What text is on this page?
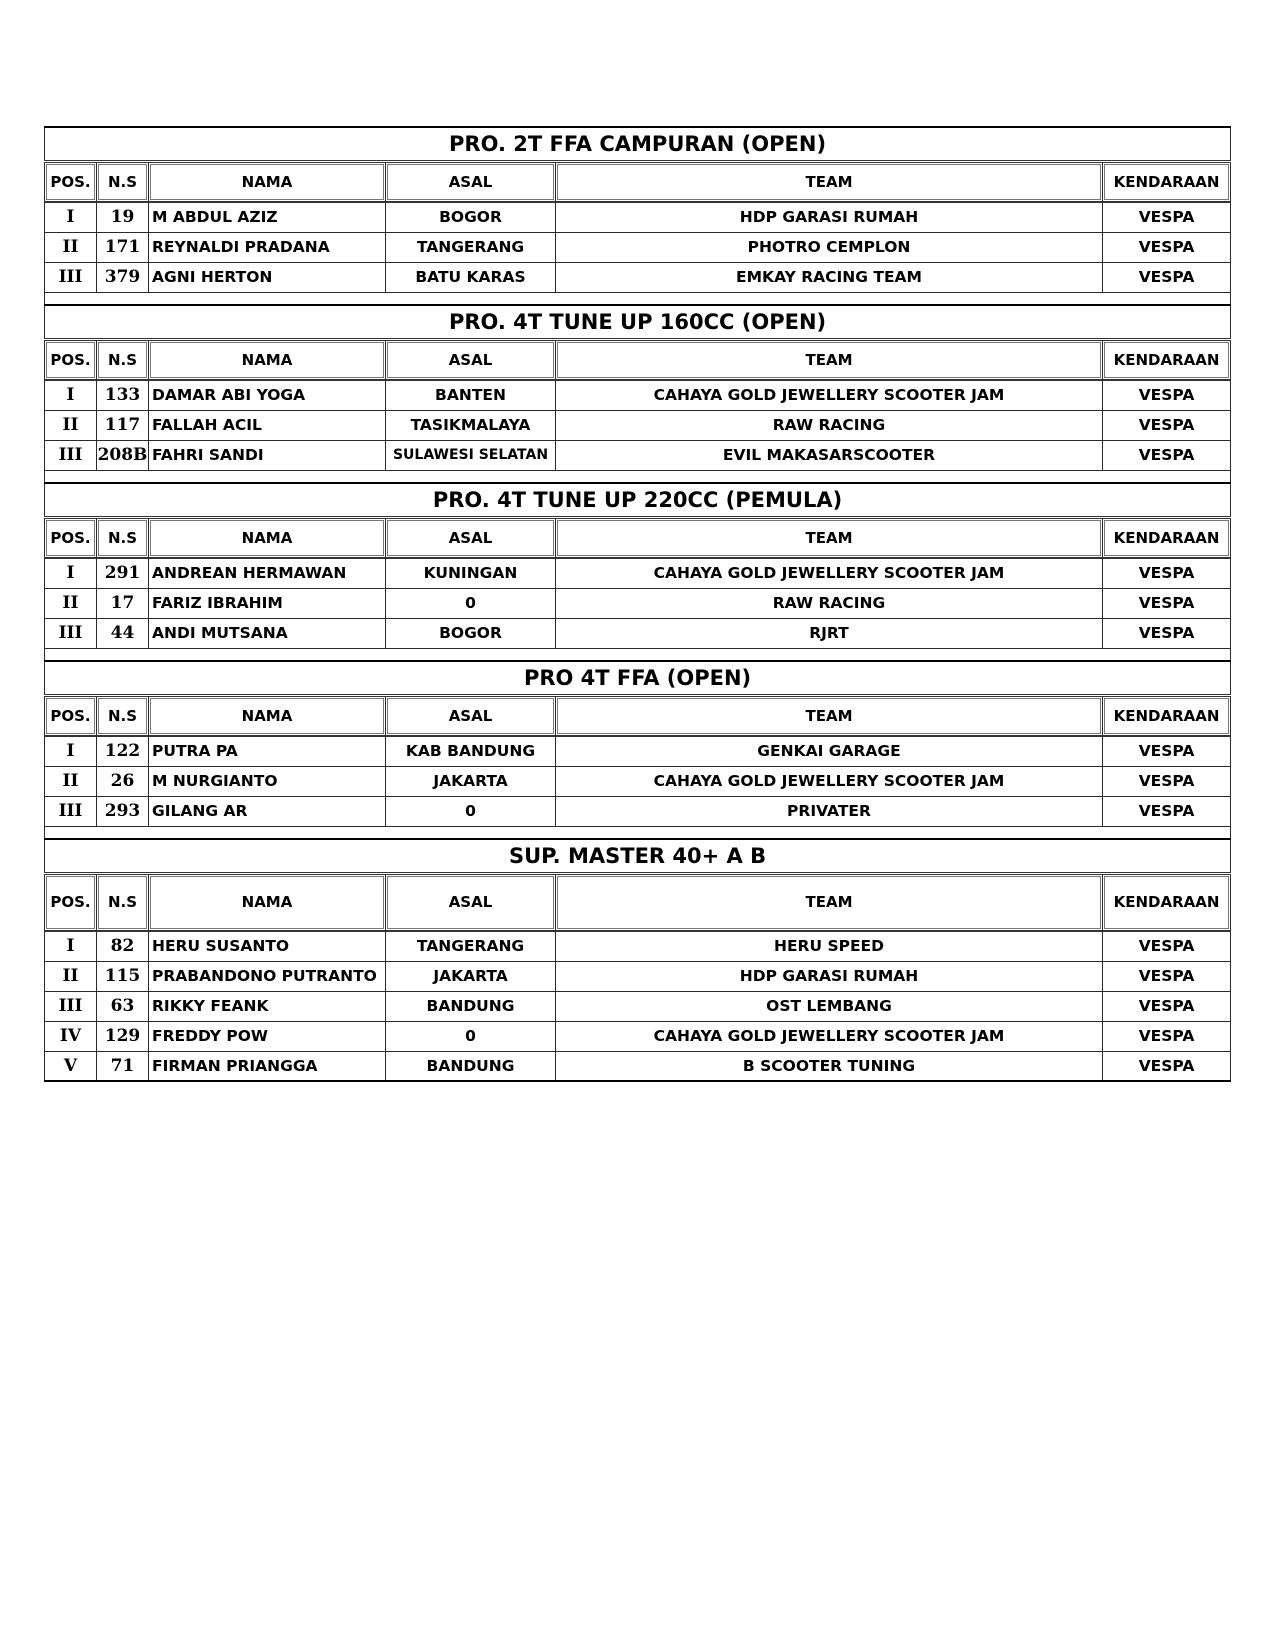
PRO. 2T FFA CAMPURAN (OPEN)					
POS.	N.S	NAMA	ASAL	TEAM	KENDARAAN
I	19	M ABDUL AZIZ	BOGOR	HDP GARASI RUMAH	VESPA
II	171	REYNALDI PRADANA	TANGERANG	PHOTRO CEMPLON	VESPA
III	379	AGNI HERTON	BATU KARAS	EMKAY RACING TEAM	VESPA

PRO. 4T TUNE UP 160CC (OPEN)					
POS.	N.S	NAMA	ASAL	TEAM	KENDARAAN
I	133	DAMAR ABI YOGA	BANTEN	CAHAYA GOLD JEWELLERY SCOOTER JAM	VESPA
II	117	FALLAH ACIL	TASIKMALAYA	RAW RACING	VESPA
III	208B	FAHRI SANDI	SULAWESI SELATAN	EVIL MAKASARSCOOTER	VESPA

PRO. 4T TUNE UP 220CC (PEMULA)					
POS.	N.S	NAMA	ASAL	TEAM	KENDARAAN
I	291	ANDREAN HERMAWAN	KUNINGAN	CAHAYA GOLD JEWELLERY SCOOTER JAM	VESPA
II	17	FARIZ IBRAHIM	0	RAW RACING	VESPA
III	44	ANDI MUTSANA	BOGOR	RJRT	VESPA

PRO 4T FFA (OPEN)					
POS.	N.S	NAMA	ASAL	TEAM	KENDARAAN
I	122	PUTRA PA	KAB BANDUNG	GENKAI GARAGE	VESPA
II	26	M NURGIANTO	JAKARTA	CAHAYA GOLD JEWELLERY SCOOTER JAM	VESPA
III	293	GILANG AR	0	PRIVATER	VESPA

SUP. MASTER 40+ A B					
POS.	N.S	NAMA	ASAL	TEAM	KENDARAAN
I	82	HERU SUSANTO	TANGERANG	HERU SPEED	VESPA
II	115	PRABANDONO PUTRANTO	JAKARTA	HDP GARASI RUMAH	VESPA
III	63	RIKKY FEANK	BANDUNG	OST LEMBANG	VESPA
IV	129	FREDDY POW	0	CAHAYA GOLD JEWELLERY SCOOTER JAM	VESPA
V	71	FIRMAN PRIANGGA	BANDUNG	B SCOOTER TUNING	VESPA
